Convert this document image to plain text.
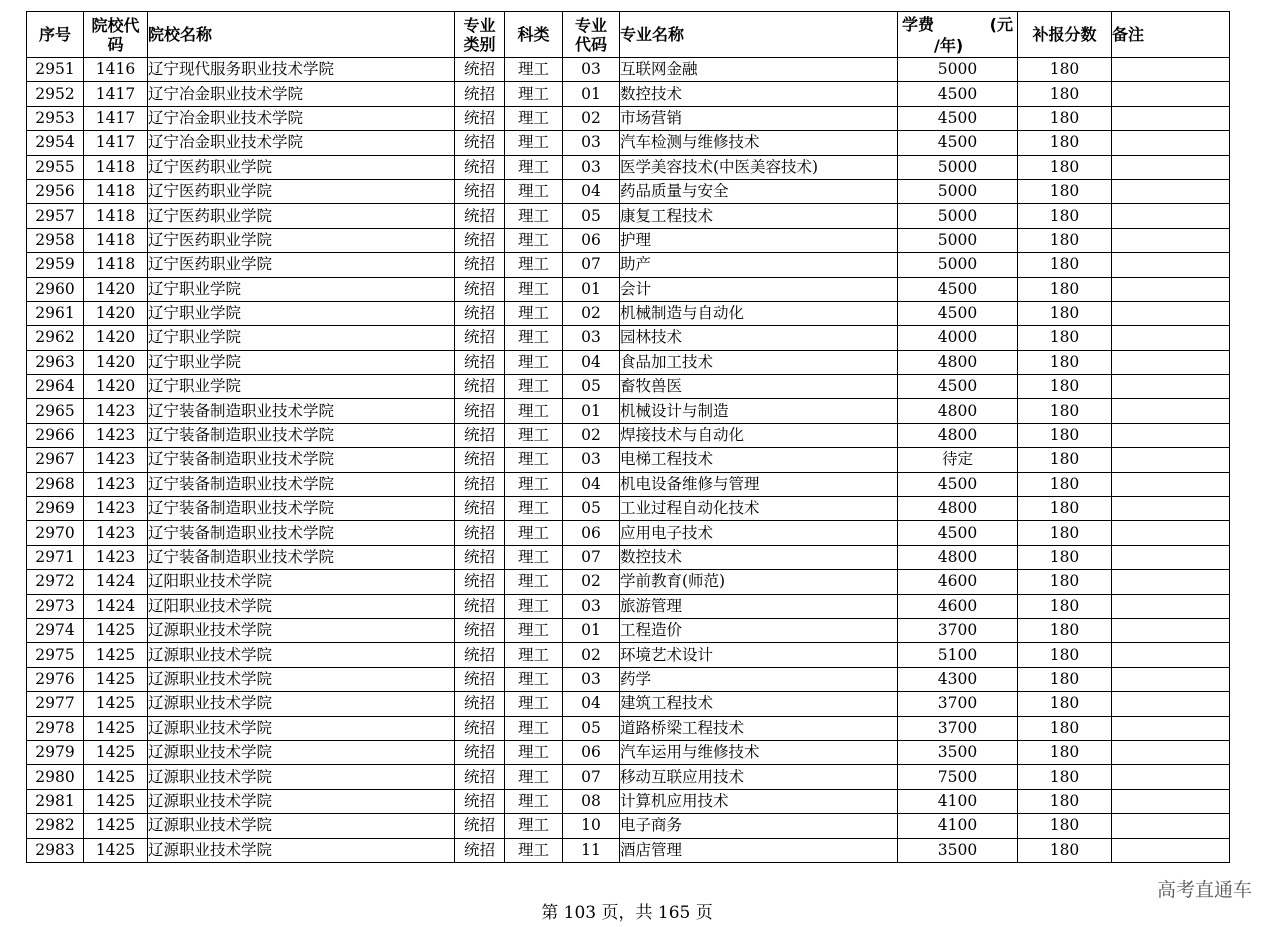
序号	院校代码	院校名称	专业类别	科类	专业代码	专业名称	学费 (元
/年)	补报分数	备注
2951	1416	辽宁现代服务职业技术学院	统招	理工	03	互联网金融	5000	180	
2952	1417	辽宁冶金职业技术学院	统招	理工	01	数控技术	4500	180	
2953	1417	辽宁冶金职业技术学院	统招	理工	02	市场营销	4500	180	
2954	1417	辽宁冶金职业技术学院	统招	理工	03	汽车检测与维修技术	4500	180	
2955	1418	辽宁医药职业学院	统招	理工	03	医学美容技术(中医美容技术)	5000	180	
2956	1418	辽宁医药职业学院	统招	理工	04	药品质量与安全	5000	180	
2957	1418	辽宁医药职业学院	统招	理工	05	康复工程技术	5000	180	
2958	1418	辽宁医药职业学院	统招	理工	06	护理	5000	180	
2959	1418	辽宁医药职业学院	统招	理工	07	助产	5000	180	
2960	1420	辽宁职业学院	统招	理工	01	会计	4500	180	
2961	1420	辽宁职业学院	统招	理工	02	机械制造与自动化	4500	180	
2962	1420	辽宁职业学院	统招	理工	03	园林技术	4000	180	
2963	1420	辽宁职业学院	统招	理工	04	食品加工技术	4800	180	
2964	1420	辽宁职业学院	统招	理工	05	畜牧兽医	4500	180	
2965	1423	辽宁装备制造职业技术学院	统招	理工	01	机械设计与制造	4800	180	
2966	1423	辽宁装备制造职业技术学院	统招	理工	02	焊接技术与自动化	4800	180	
2967	1423	辽宁装备制造职业技术学院	统招	理工	03	电梯工程技术	待定	180	
2968	1423	辽宁装备制造职业技术学院	统招	理工	04	机电设备维修与管理	4500	180	
2969	1423	辽宁装备制造职业技术学院	统招	理工	05	工业过程自动化技术	4800	180	
2970	1423	辽宁装备制造职业技术学院	统招	理工	06	应用电子技术	4500	180	
2971	1423	辽宁装备制造职业技术学院	统招	理工	07	数控技术	4800	180	
2972	1424	辽阳职业技术学院	统招	理工	02	学前教育(师范)	4600	180	
2973	1424	辽阳职业技术学院	统招	理工	03	旅游管理	4600	180	
2974	1425	辽源职业技术学院	统招	理工	01	工程造价	3700	180	
2975	1425	辽源职业技术学院	统招	理工	02	环境艺术设计	5100	180	
2976	1425	辽源职业技术学院	统招	理工	03	药学	4300	180	
2977	1425	辽源职业技术学院	统招	理工	04	建筑工程技术	3700	180	
2978	1425	辽源职业技术学院	统招	理工	05	道路桥梁工程技术	3700	180	
2979	1425	辽源职业技术学院	统招	理工	06	汽车运用与维修技术	3500	180	
2980	1425	辽源职业技术学院	统招	理工	07	移动互联应用技术	7500	180	
2981	1425	辽源职业技术学院	统招	理工	08	计算机应用技术	4100	180	
2982	1425	辽源职业技术学院	统招	理工	10	电子商务	4100	180	
2983	1425	辽源职业技术学院	统招	理工	11	酒店管理	3500	180	
高考直通车
第 103 页，共 165 页
